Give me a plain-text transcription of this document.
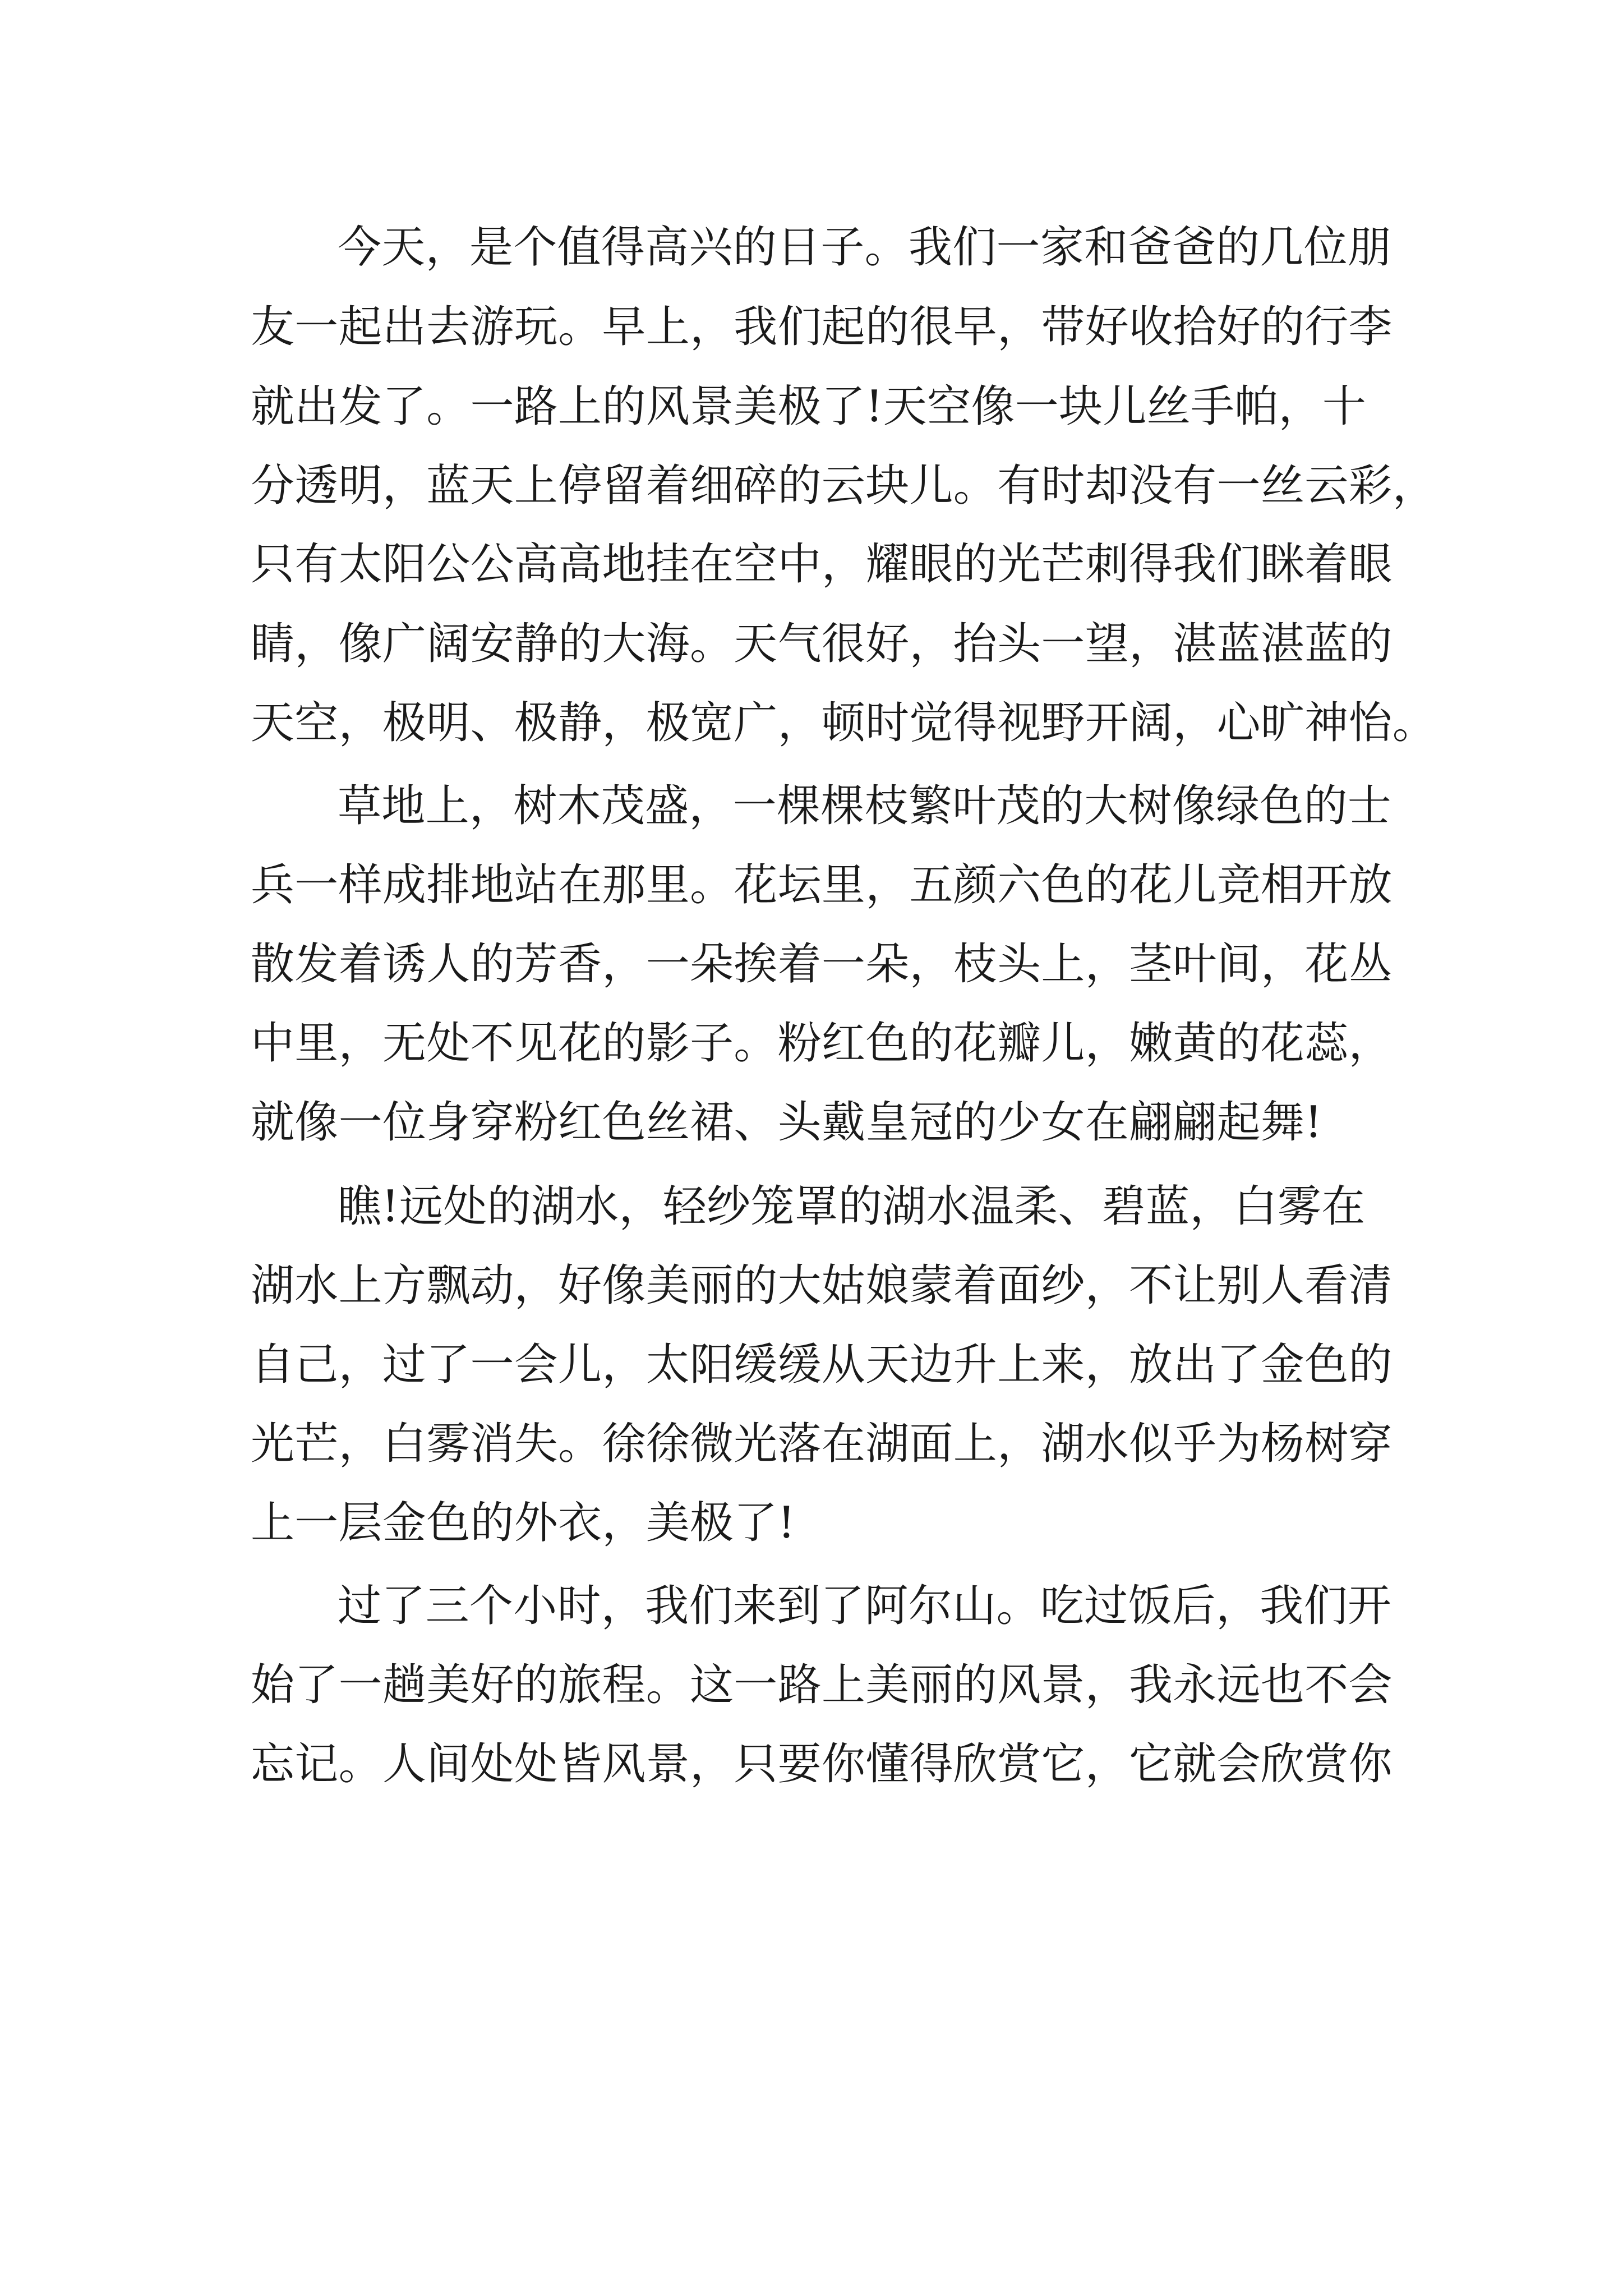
今天，是个值得高兴的日子。我们一家和爸爸的几位朋

友一起出去游玩。早上，我们起的很早，带好收拾好的行李

就出发了。一路上的风景美极了!天空像一块儿丝手帕，十

分透明，蓝天上停留着细碎的云块儿。有时却没有一丝云彩，

只有太阳公公高高地挂在空中，耀眼的光芒刺得我们眯着眼

睛，像广阔安静的大海。天气很好，抬头一望，湛蓝湛蓝的

天空，极明、极静，极宽广，顿时觉得视野开阔，心旷神怡。

草地上，树木茂盛，一棵棵枝繁叶茂的大树像绿色的士

兵一样成排地站在那里。花坛里，五颜六色的花儿竞相开放

散发着诱人的芳香，一朵挨着一朵，枝头上，茎叶间，花丛

中里，无处不见花的影子。粉红色的花瓣儿，嫩黄的花蕊，

就像一位身穿粉红色丝裙、头戴皇冠的少女在翩翩起舞!

瞧!远处的湖水，轻纱笼罩的湖水温柔、碧蓝，白雾在

湖水上方飘动，好像美丽的大姑娘蒙着面纱，不让别人看清

自己，过了一会儿，太阳缓缓从天边升上来，放出了金色的

光芒，白雾消失。徐徐微光落在湖面上，湖水似乎为杨树穿

上一层金色的外衣，美极了!

过了三个小时，我们来到了阿尔山。吃过饭后，我们开

始了一趟美好的旅程。这一路上美丽的风景，我永远也不会

忘记。人间处处皆风景，只要你懂得欣赏它，它就会欣赏你
